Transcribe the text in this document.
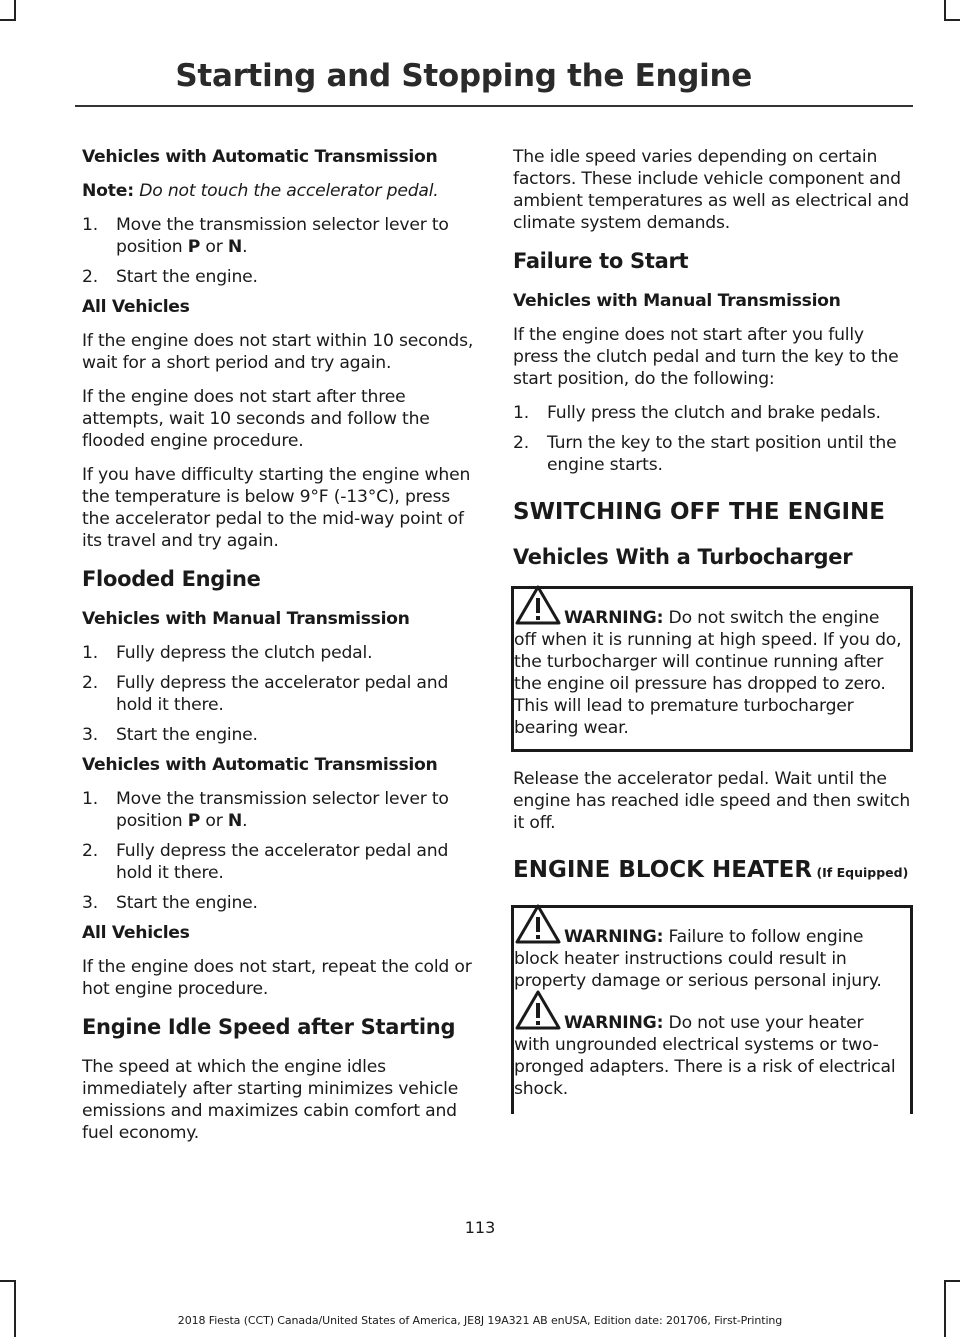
Starting and Stopping the Engine
Vehicles with Automatic Transmission

Note: Do not touch the accelerator pedal.

1. Move the transmission selector lever to position P or N.
2. Start the engine.
All Vehicles

If the engine does not start within 10 seconds, wait for a short period and try again.

If the engine does not start after three attempts, wait 10 seconds and follow the flooded engine procedure.

If you have difficulty starting the engine when the temperature is below 9°F (-13°C), press the accelerator pedal to the mid-way point of its travel and try again.

Flooded Engine
Vehicles with Manual Transmission
1. Fully depress the clutch pedal.
2. Fully depress the accelerator pedal and hold it there.
3. Start the engine.
Vehicles with Automatic Transmission
1. Move the transmission selector lever to position P or N.
2. Fully depress the accelerator pedal and hold it there.
3. Start the engine.
All Vehicles

If the engine does not start, repeat the cold or hot engine procedure.

Engine Idle Speed after Starting

The speed at which the engine idles immediately after starting minimizes vehicle emissions and maximizes cabin comfort and fuel economy.

The idle speed varies depending on certain factors. These include vehicle component and ambient temperatures as well as electrical and climate system demands.

Failure to Start
Vehicles with Manual Transmission

If the engine does not start after you fully press the clutch pedal and turn the key to the start position, do the following:

1. Fully press the clutch and brake pedals.
2. Turn the key to the start position until the engine starts.
SWITCHING OFF THE ENGINE
Vehicles With a Turbocharger

WARNING: Do not switch the engine off when it is running at high speed. If you do, the turbocharger will continue running after the engine oil pressure has dropped to zero. This will lead to premature turbocharger bearing wear.

Release the accelerator pedal. Wait until the engine has reached idle speed and then switch it off.

ENGINE BLOCK HEATER (If Equipped)

WARNING: Failure to follow engine block heater instructions could result in property damage or serious personal injury.

WARNING: Do not use your heater with ungrounded electrical systems or two-pronged adapters. There is a risk of electrical shock.

113
2018 Fiesta (CCT) Canada/United States of America, JE8J 19A321 AB enUSA, Edition date: 201706, First-Printing
